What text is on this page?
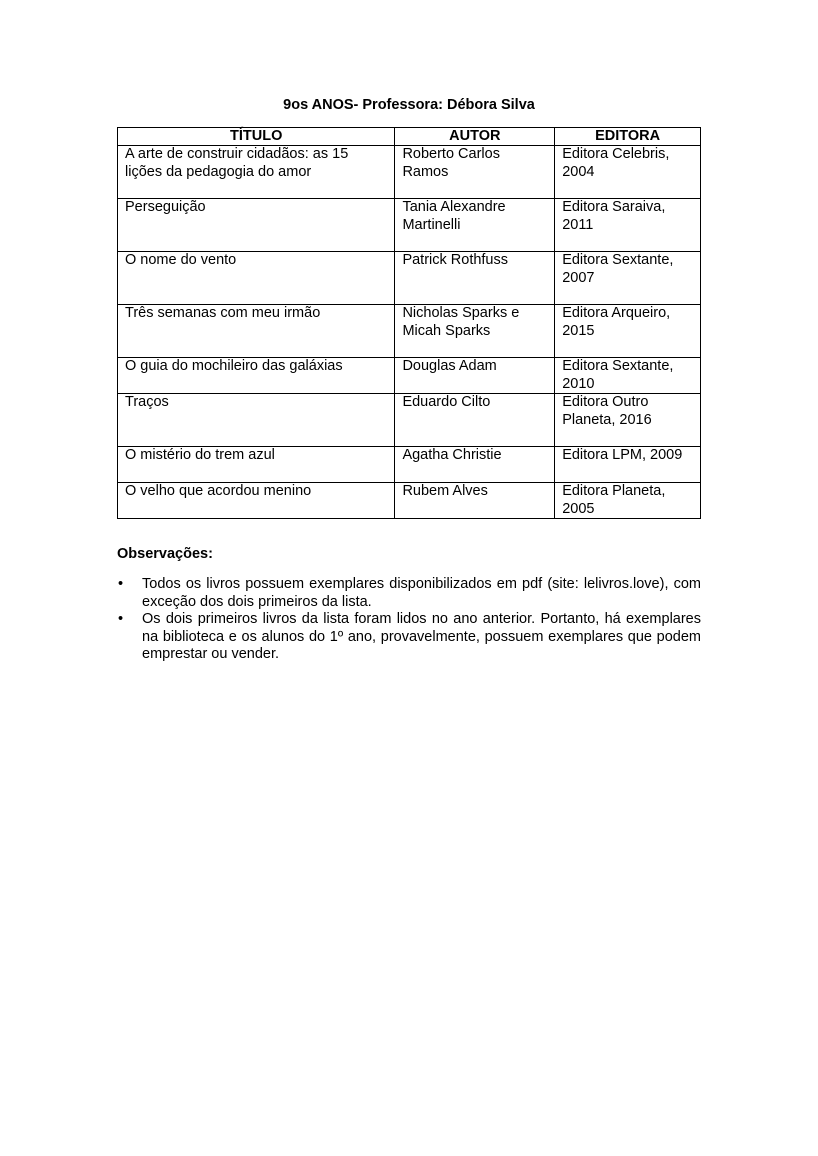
9os ANOS- Professora: Débora Silva
TÍTULO	AUTOR	EDITORA
A arte de construir cidadãos: as 15 lições da pedagogia do amor	Roberto Carlos Ramos	Editora Celebris, 2004
Perseguição	Tania Alexandre Martinelli	Editora Saraiva, 2011
O nome do vento	Patrick Rothfuss	Editora Sextante, 2007
Três semanas com meu irmão	Nicholas Sparks e Micah Sparks	Editora Arqueiro, 2015
O guia do mochileiro das galáxias	Douglas Adam	Editora Sextante, 2010
Traços	Eduardo Cilto	Editora Outro Planeta, 2016
O mistério do trem azul	Agatha Christie	Editora LPM, 2009
O velho que acordou menino	Rubem Alves	Editora Planeta, 2005
Observações:
• Todos os livros possuem exemplares disponibilizados em pdf (site: lelivros.love), com exceção dos dois primeiros da lista.
• Os dois primeiros livros da lista foram lidos no ano anterior. Portanto, há exemplares na biblioteca e os alunos do 1º ano, provavelmente, possuem exemplares que podem emprestar ou vender.
